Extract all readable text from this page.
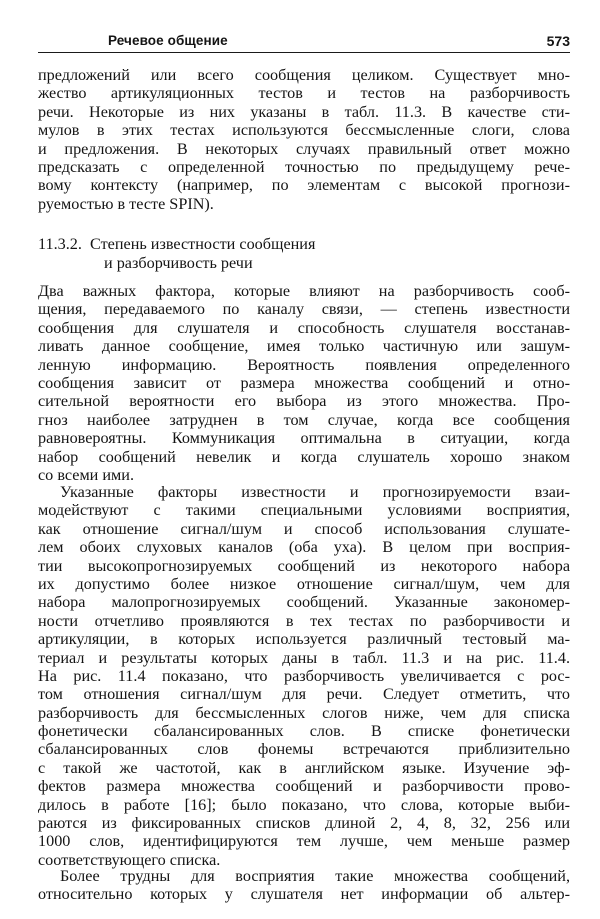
Речевое общение	573
предложений или всего сообщения целиком. Существует мно-
жество артикуляционных тестов и тестов на разборчивость
речи. Некоторые из них указаны в табл. 11.3. В качестве сти-
мулов в этих тестах используются бессмысленные слоги, слова
и предложения. В некоторых случаях правильный ответ можно
предсказать с определенной точностью по предыдущему рече-
вому контексту (например, по элементам с высокой прогнози-
руемостью в тесте SPIN).
11.3.2. Степень известности сообщения
и разборчивость речи
Два важных фактора, которые влияют на разборчивость сооб-
щения, передаваемого по каналу связи, — степень известности
сообщения для слушателя и способность слушателя восстанав-
ливать данное сообщение, имея только частичную или зашум-
ленную информацию. Вероятность появления определенного
сообщения зависит от размера множества сообщений и отно-
сительной вероятности его выбора из этого множества. Про-
гноз наиболее затруднен в том случае, когда все сообщения
равновероятны. Коммуникация оптимальна в ситуации, когда
набор сообщений невелик и когда слушатель хорошо знаком
со всеми ими.
Указанные факторы известности и прогнозируемости взаи-
модействуют с такими специальными условиями восприятия,
как отношение сигнал/шум и способ использования слушате-
лем обоих слуховых каналов (оба уха). В целом при восприя-
тии высокопрогнозируемых сообщений из некоторого набора
их допустимо более низкое отношение сигнал/шум, чем для
набора малопрогнозируемых сообщений. Указанные закономер-
ности отчетливо проявляются в тех тестах по разборчивости и
артикуляции, в которых используется различный тестовый ма-
териал и результаты которых даны в табл. 11.3 и на рис. 11.4.
На рис. 11.4 показано, что разборчивость увеличивается с рос-
том отношения сигнал/шум для речи. Следует отметить, что
разборчивость для бессмысленных слогов ниже, чем для списка
фонетически сбалансированных слов. В списке фонетически
сбалансированных слов фонемы встречаются приблизительно
с такой же частотой, как в английском языке. Изучение эф-
фектов размера множества сообщений и разборчивости прово-
дилось в работе [16]; было показано, что слова, которые выби-
раются из фиксированных списков длиной 2, 4, 8, 32, 256 или
1000 слов, идентифицируются тем лучше, чем меньше размер
соответствующего списка.
Более трудны для восприятия такие множества сообщений,
относительно которых у слушателя нет информации об альтер-
